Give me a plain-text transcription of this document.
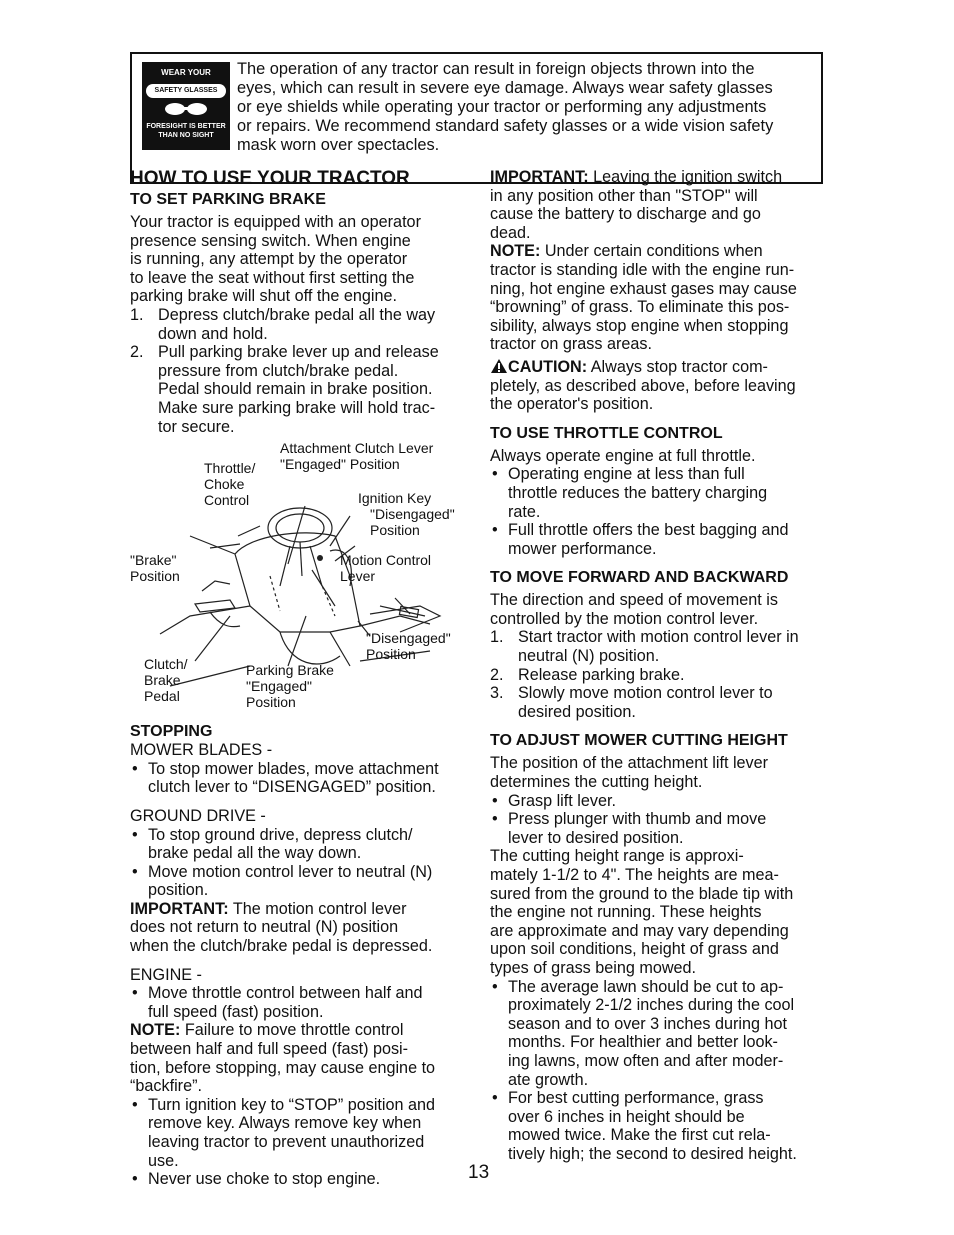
WEAR YOUR
SAFETY GLASSES
FORESIGHT IS BETTER THAN NO SIGHT
The operation of any tractor can result in foreign objects thrown into the
eyes, which can result in severe eye damage. Always wear safety glasses
or eye shields while operating your tractor or performing any adjustments
or repairs. We recommend standard safety glasses or a wide vision safety
mask worn over spectacles.
HOW TO USE YOUR TRACTOR
TO SET PARKING BRAKE
Your tractor is equipped with an operator
presence sensing switch. When engine
is running, any attempt by the operator
to leave the seat without first setting the
parking brake will shut off the engine.
1. Depress clutch/brake pedal all the way
down and hold.
2. Pull parking brake lever up and release
pressure from clutch/brake pedal.
Pedal should remain in brake position.
Make sure parking brake will hold trac-
tor secure.
Attachment Clutch Lever
"Engaged" Position
Throttle/
Choke
Control	Ignition Key
"Disengaged"
Position
"Brake"
Position
Motion Control
Lever
"Disengaged"
Position
Clutch/
Brake
Pedal
Parking Brake
"Engaged"
Position
STOPPING
MOWER BLADES -
• To stop mower blades, move attachment
clutch lever to “DISENGAGED” position.
GROUND DRIVE -
• To stop ground drive, depress clutch/
brake pedal all the way down.
• Move motion control lever to neutral (N)
position.
IMPORTANT: The motion control lever
does not return to neutral (N) position
when the clutch/brake pedal is depressed.
ENGINE -
• Move throttle control between half and
full speed (fast) position.
NOTE: Failure to move throttle control
between half and full speed (fast) posi-
tion, before stopping, may cause engine to
“backfire”.
• Turn ignition key to “STOP” position and
remove key. Always remove key when
leaving tractor to prevent unauthorized
use.
• Never use choke to stop engine.
IMPORTANT: Leaving the ignition switch
in any position other than "STOP" will
cause the battery to discharge and go
dead.
NOTE: Under certain conditions when
tractor is standing idle with the engine run-
ning, hot engine exhaust gases may cause
“browning” of grass. To eliminate this pos-
sibility, always stop engine when stopping
tractor on grass areas.
CAUTION: Always stop tractor com-
pletely, as described above, before leaving
the operator's position.
TO USE THROTTLE CONTROL
Always operate engine at full throttle.
• Operating engine at less than full
throttle reduces the battery charging
rate.
• Full throttle offers the best bagging and
mower performance.
TO MOVE FORWARD AND BACKWARD
The direction and speed of movement is
controlled by the motion control lever.
1. Start tractor with motion control lever in
neutral (N) position.
2. Release parking brake.
3. Slowly move motion control lever to
desired position.
TO ADJUST MOWER CUTTING HEIGHT
The position of the attachment lift lever
determines the cutting height.
• Grasp lift lever.
• Press plunger with thumb and move
lever to desired position.
The cutting height range is approxi-
mately 1-1/2 to 4". The heights are mea-
sured from the ground to the blade tip with
the engine not running. These heights
are approximate and may vary depending
upon soil conditions, height of grass and
types of grass being mowed.
• The average lawn should be cut to ap-
proximately 2-1/2 inches during the cool
season and to over 3 inches during hot
months. For healthier and better look-
ing lawns, mow often and after moder-
ate growth.
• For best cutting performance, grass
over 6 inches in height should be
mowed twice. Make the first cut rela-
tively high; the second to desired height.
13
